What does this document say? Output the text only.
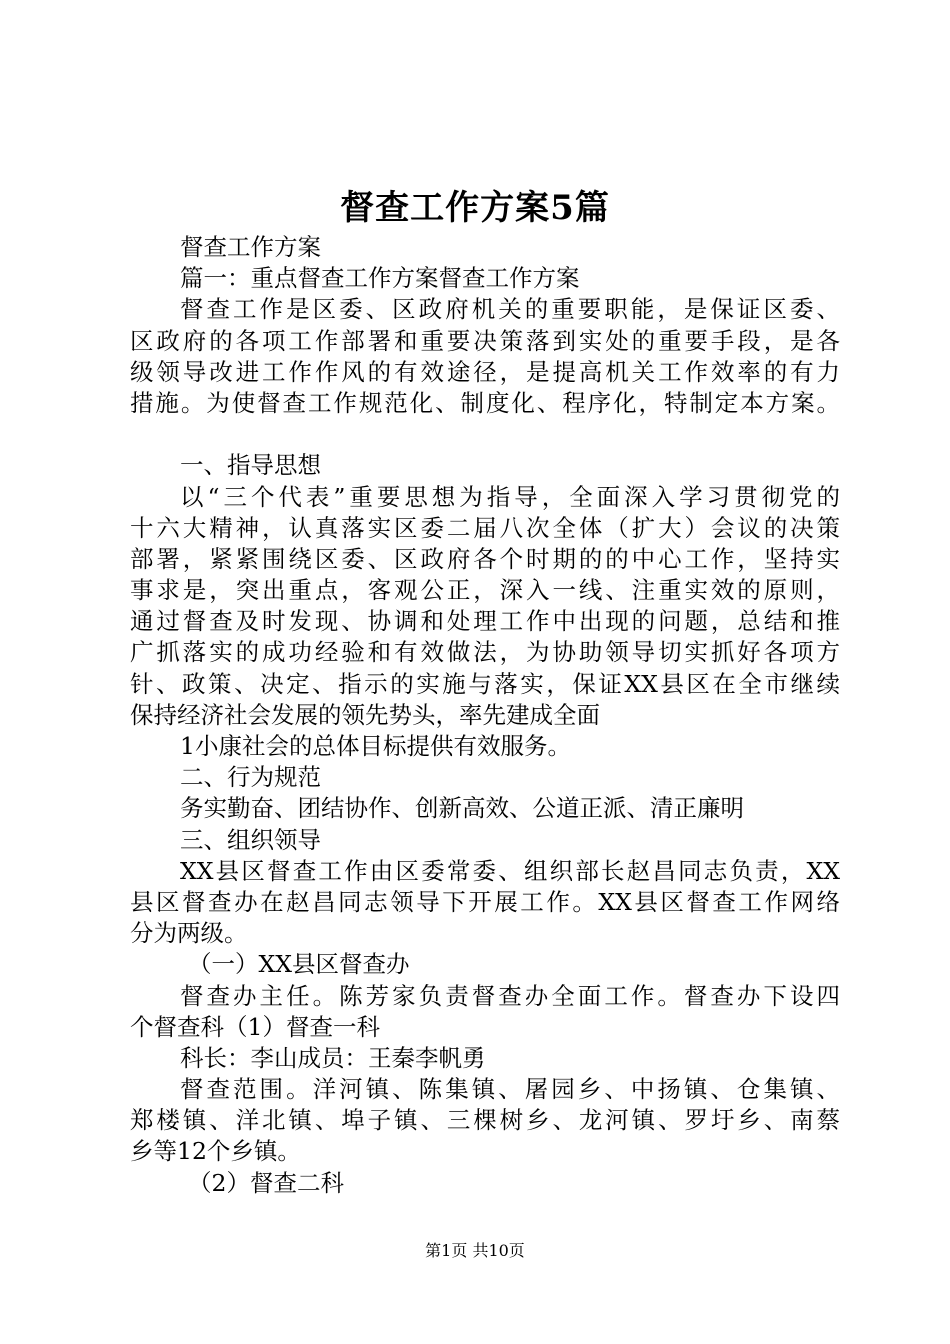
督查工作方案5篇
督查工作方案
篇一：重点督查工作方案督查工作方案
督查工作是区委、区政府机关的重要职能，是保证区委、
区政府的各项工作部署和重要决策落到实处的重要手段，是各
级领导改进工作作风的有效途径，是提高机关工作效率的有力
措施。为使督查工作规范化、制度化、程序化，特制定本方案。
一、指导思想
以“三个代表”重要思想为指导，全面深入学习贯彻党的
十六大精神，认真落实区委二届八次全体（扩大）会议的决策
部署，紧紧围绕区委、区政府各个时期的的中心工作，坚持实
事求是，突出重点，客观公正，深入一线、注重实效的原则，
通过督查及时发现、协调和处理工作中出现的问题，总结和推
广抓落实的成功经验和有效做法，为协助领导切实抓好各项方
针、政策、决定、指示的实施与落实，保证XX县区在全市继续
保持经济社会发展的领先势头，率先建成全面
1小康社会的总体目标提供有效服务。
二、行为规范
务实勤奋、团结协作、创新高效、公道正派、清正廉明
三、组织领导
XX县区督查工作由区委常委、组织部长赵昌同志负责，XX
县区督查办在赵昌同志领导下开展工作。XX县区督查工作网络
分为两级。
（一）XX县区督查办
督查办主任。陈芳家负责督查办全面工作。督查办下设四
个督查科（1）督查一科
科长：李山成员：王秦李帆勇
督查范围。洋河镇、陈集镇、屠园乡、中扬镇、仓集镇、
郑楼镇、洋北镇、埠子镇、三棵树乡、龙河镇、罗圩乡、南蔡
乡等12个乡镇。
（2）督查二科
第1页 共10页
